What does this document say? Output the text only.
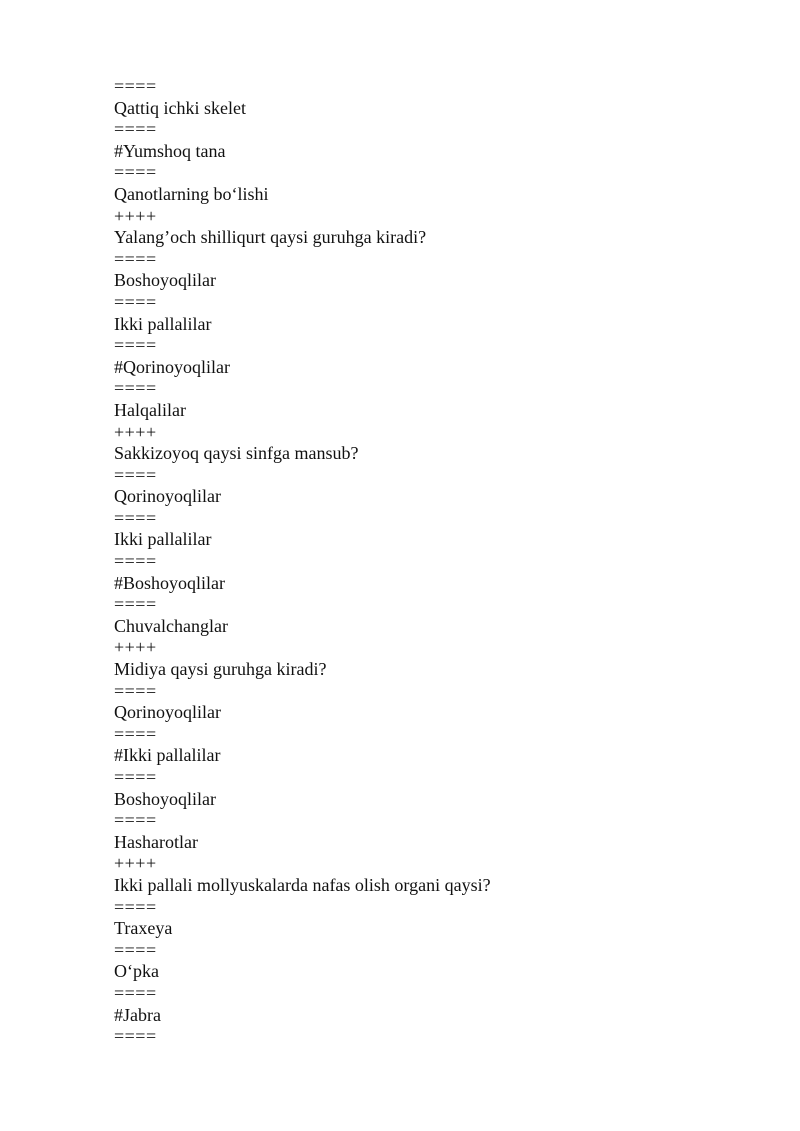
====

Qattiq ichki skelet

====

#Yumshoq tana

====

Qanotlarning bo‘lishi

++++

Yalang’och shilliqurt qaysi guruhga kiradi?

====

Boshoyoqlilar

====

Ikki pallalilar

====

#Qorinoyoqlilar

====

Halqalilar

++++

Sakkizoyoq qaysi sinfga mansub?

====

Qorinoyoqlilar

====

Ikki pallalilar

====

#Boshoyoqlilar

====

Chuvalchanglar

++++

Midiya qaysi guruhga kiradi?

====

Qorinoyoqlilar

====

#Ikki pallalilar

====

Boshoyoqlilar

====

Hasharotlar

++++

Ikki pallali mollyuskalarda nafas olish organi qaysi?

====

Traxeya

====

O‘pka

====

#Jabra

====
